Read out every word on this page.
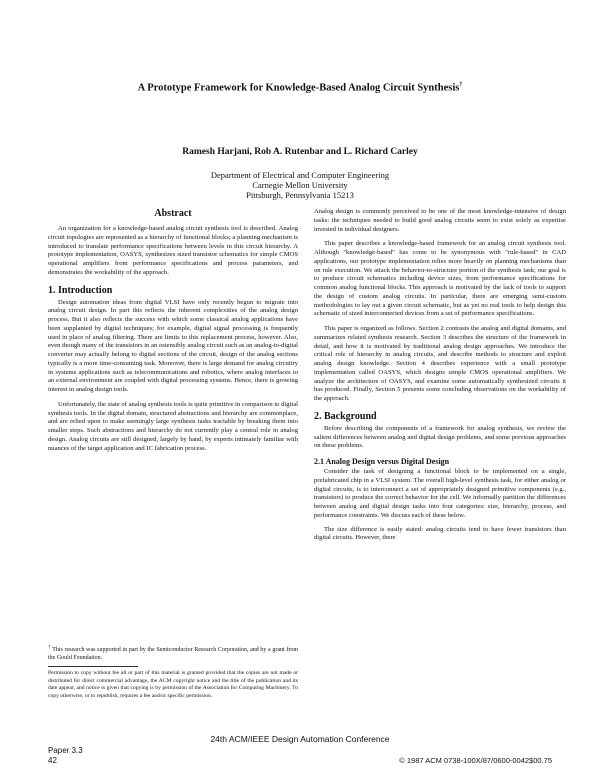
A Prototype Framework for Knowledge-Based Analog Circuit Synthesis†
Ramesh Harjani, Rob A. Rutenbar and L. Richard Carley
Department of Electrical and Computer Engineering
Carnegie Mellon University
Pittsburgh, Pennsylvania 15213
Abstract

An organization for a knowledge-based analog circuit synthesis tool is described. Analog circuit topologies are represented as a hierarchy of functional blocks; a planning mechanism is introduced to translate performance specifications between levels in this circuit hierarchy. A prototype implementation, OASYS, synthesizes sized transistor schematics for simple CMOS operational amplifiers from performance specifications and process parameters, and demonstrates the workability of the approach.

1. Introduction

Design automation ideas from digital VLSI have only recently begun to migrate into analog circuit design. In part this reflects the inherent complexities of the analog design process. But it also reflects the success with which some classical analog applications have been supplanted by digital techniques; for example, digital signal processing is frequently used in place of analog filtering. There are limits to this replacement process, however. Also, even though many of the transistors in an ostensibly analog circuit such as an analog-to-digital converter may actually belong to digital sections of the circuit, design of the analog sections typically is a more time-consuming task. Moreover, there is large demand for analog circuitry in systems applications such as telecommunications and robotics, where analog interfaces to an external environment are coupled with digital processing systems. Hence, there is growing interest in analog design tools.

Unfortunately, the state of analog synthesis tools is quite primitive in comparison to digital synthesis tools. In the digital domain, structured abstractions and hierarchy are commonplace, and are relied upon to make seemingly large synthesis tasks tractable by breaking them into smaller steps. Such abstractions and hierarchy do not currently play a central role in analog design. Analog circuits are still designed, largely by hand, by experts intimately familiar with nuances of the target application and IC fabrication process.

† This research was supported in part by the Semiconductor Research Corporation, and by a grant from the Gould Foundation.
Permission to copy without fee all or part of this material is granted provided that the copies are not made or distributed for direct commercial advantage, the ACM copyright notice and the title of the publication and its date appear, and notice is given that copying is by permission of the Association for Computing Machinery. To copy otherwise, or to republish, requires a fee and/or specific permission.

Analog design is commonly perceived to be one of the most knowledge-intensive of design tasks: the techniques needed to build good analog circuits seem to exist solely as expertise invested in individual designers.

This paper describes a knowledge-based framework for an analog circuit synthesis tool. Although "knowledge-based" has come to be synonymous with "rule-based" in CAD applications, our prototype implementation relies more heavily on planning mechanisms than on rule execution. We attack the behavior-to-structure portion of the synthesis task; our goal is to produce circuit schematics including device sizes, from performance specifications for common analog functional blocks. This approach is motivated by the lack of tools to support the design of custom analog circuits. In particular, there are emerging semi-custom methodologies to lay out a given circuit schematic, but as yet no real tools to help design this schematic of sized interconnected devices from a set of performance specifications.

This paper is organized as follows. Section 2 contrasts the analog and digital domains, and summarizes related synthesis research. Section 3 describes the structure of the framework in detail, and how it is motivated by traditional analog design approaches. We introduce the critical role of hierarchy in analog circuits, and describe methods to structure and exploit analog design knowledge. Section 4 describes experience with a small prototype implementation called OASYS, which designs simple CMOS operational amplifiers. We analyze the architecture of OASYS, and examine some automatically synthesized circuits it has produced. Finally, Section 5 presents some concluding observations on the workability of the approach.

2. Background

Before describing the components of a framework for analog synthesis, we review the salient differences between analog and digital design problems, and some previous approaches on these problems.

2.1 Analog Design versus Digital Design

Consider the task of designing a functional block to be implemented on a single, prefabricated chip in a VLSI system. The overall high-level synthesis task, for either analog or digital circuits, is to interconnect a set of appropriately designed primitive components (e.g., transistors) to produce the correct behavior for the cell. We informally partition the differences between analog and digital design tasks into four categories: size, hierarchy, process, and performance constraints. We discuss each of these below.

The size difference is easily stated: analog circuits tend to have fewer transistors than digital circuits. However, there

24th ACM/IEEE Design Automation Conference
Paper 3.3
42	© 1987 ACM 0738-100X/87/0600-0042$00.75
